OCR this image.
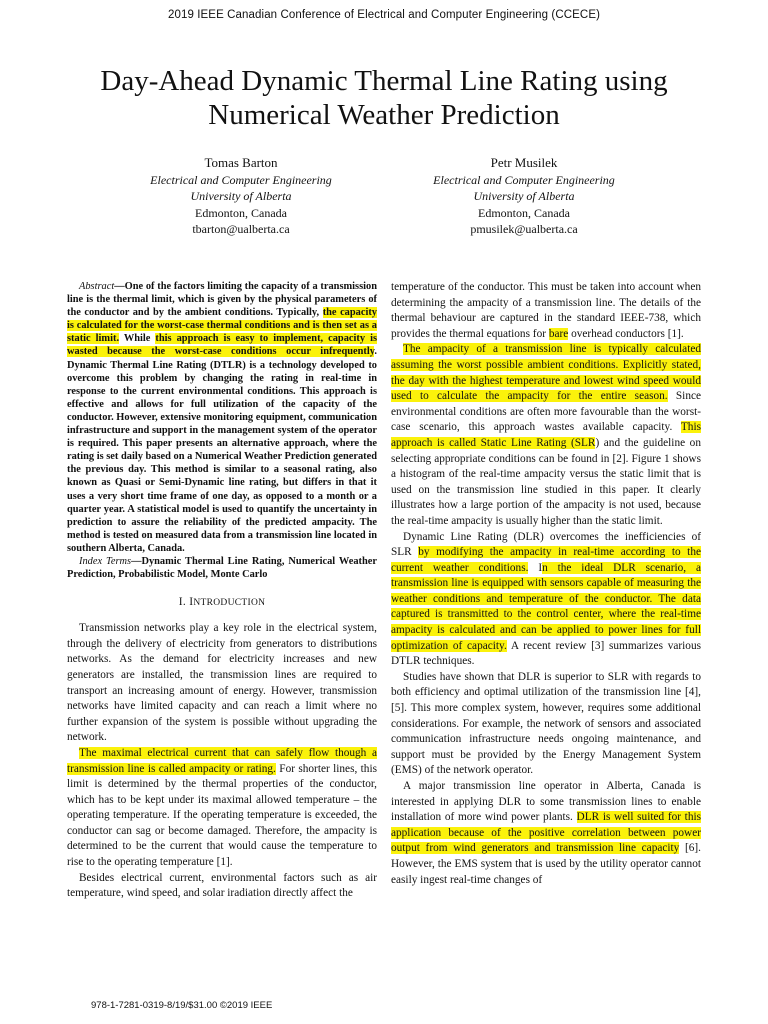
2019 IEEE Canadian Conference of Electrical and Computer Engineering (CCECE)
Day-Ahead Dynamic Thermal Line Rating using
Numerical Weather Prediction
Tomas Barton
Electrical and Computer Engineering
University of Alberta
Edmonton, Canada
tbarton@ualberta.ca
Petr Musilek
Electrical and Computer Engineering
University of Alberta
Edmonton, Canada
pmusilek@ualberta.ca

Abstract—One of the factors limiting the capacity of a transmission line is the thermal limit, which is given by the physical parameters of the conductor and by the ambient conditions. Typically, the capacity is calculated for the worst-case thermal conditions and is then set as a static limit. While this approach is easy to implement, capacity is wasted because the worst-case conditions occur infrequently. Dynamic Thermal Line Rating (DTLR) is a technology developed to overcome this problem by changing the rating in real-time in response to the current environmental conditions. This approach is effective and allows for full utilization of the capacity of the conductor. However, extensive monitoring equipment, communication infrastructure and support in the management system of the operator is required. This paper presents an alternative approach, where the rating is set daily based on a Numerical Weather Prediction generated the previous day. This method is similar to a seasonal rating, also known as Quasi or Semi-Dynamic line rating, but differs in that it uses a very short time frame of one day, as opposed to a month or a quarter year. A statistical model is used to quantify the uncertainty in prediction to assure the reliability of the predicted ampacity. The method is tested on measured data from a transmission line located in southern Alberta, Canada.

Index Terms—Dynamic Thermal Line Rating, Numerical Weather Prediction, Probabilistic Model, Monte Carlo

I. INTRODUCTION

Transmission networks play a key role in the electrical system, through the delivery of electricity from generators to distributions networks. As the demand for electricity increases and new generators are installed, the transmission lines are required to transport an increasing amount of energy. However, transmission networks have limited capacity and can reach a limit where no further expansion of the system is possible without upgrading the network.

The maximal electrical current that can safely flow though a transmission line is called ampacity or rating. For shorter lines, this limit is determined by the thermal properties of the conductor, which has to be kept under its maximal allowed temperature – the operating temperature. If the operating temperature is exceeded, the conductor can sag or become damaged. Therefore, the ampacity is determined to be the current that would cause the temperature to rise to the operating temperature [1].

Besides electrical current, environmental factors such as air temperature, wind speed, and solar iradiation directly affect the

temperature of the conductor. This must be taken into account when determining the ampacity of a transmission line. The details of the thermal behaviour are captured in the standard IEEE-738, which provides the thermal equations for bare overhead conductors [1].

The ampacity of a transmission line is typically calculated assuming the worst possible ambient conditions. Explicitly stated, the day with the highest temperature and lowest wind speed would used to calculate the ampacity for the entire season. Since environmental conditions are often more favourable than the worst-case scenario, this approach wastes available capacity. This approach is called Static Line Rating (SLR) and the guideline on selecting appropriate conditions can be found in [2]. Figure 1 shows a histogram of the real-time ampacity versus the static limit that is used on the transmission line studied in this paper. It clearly illustrates how a large portion of the ampacity is not used, because the real-time ampacity is usually higher than the static limit.

Dynamic Line Rating (DLR) overcomes the inefficiencies of SLR by modifying the ampacity in real-time according to the current weather conditions. In the ideal DLR scenario, a transmission line is equipped with sensors capable of measuring the weather conditions and temperature of the conductor. The data captured is transmitted to the control center, where the real-time ampacity is calculated and can be applied to power lines for full optimization of capacity. A recent review [3] summarizes various DTLR techniques.

Studies have shown that DLR is superior to SLR with regards to both efficiency and optimal utilization of the transmission line [4], [5]. This more complex system, however, requires some additional considerations. For example, the network of sensors and associated communication infrastructure needs ongoing maintenance, and support must be provided by the Energy Management System (EMS) of the network operator.

A major transmission line operator in Alberta, Canada is interested in applying DLR to some transmission lines to enable installation of more wind power plants. DLR is well suited for this application because of the positive correlation between power output from wind generators and transmission line capacity [6]. However, the EMS system that is used by the utility operator cannot easily ingest real-time changes of

978-1-7281-0319-8/19/$31.00 ©2019 IEEE
